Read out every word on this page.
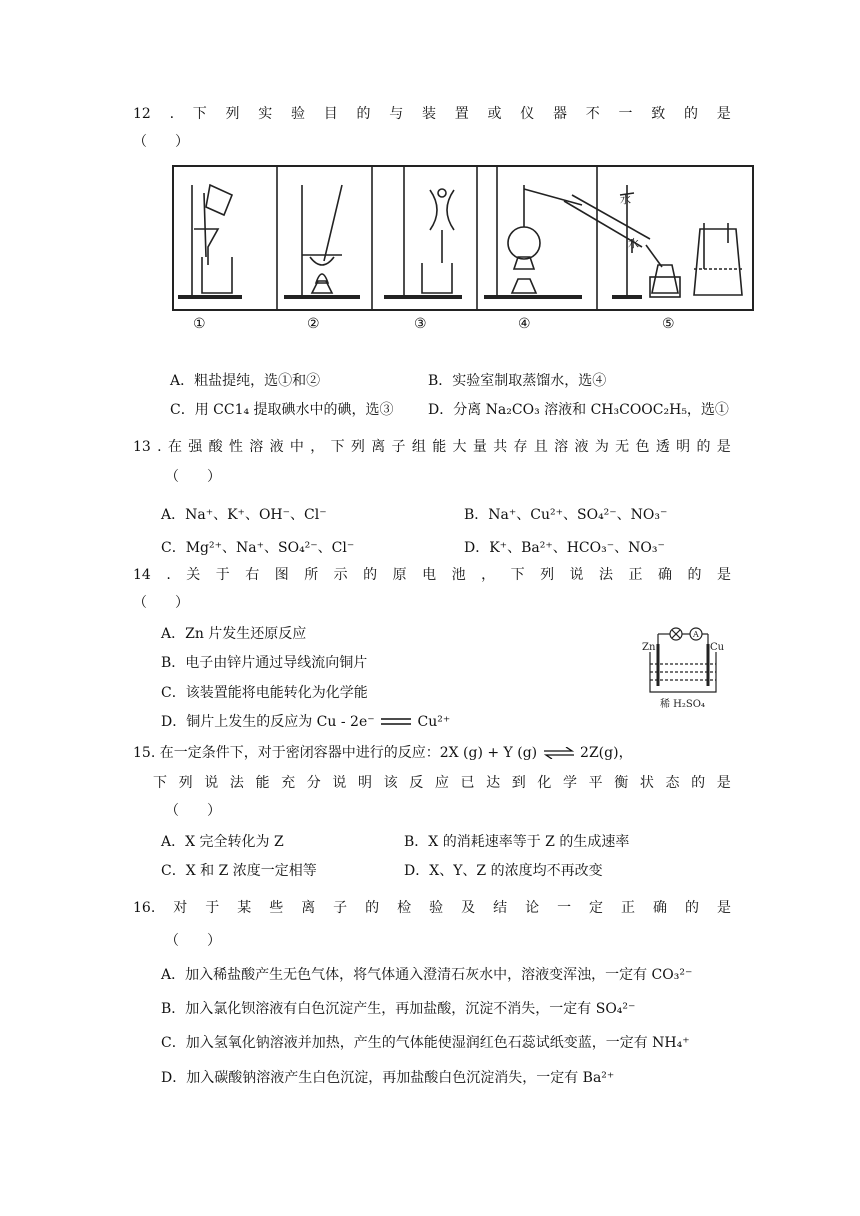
12 . 下 列 实 验 目 的 与 装 置 或 仪 器 不 一 致 的 是
（　　）
水
水
①	②	③	④	⑤
A．粗盐提纯，选①和②	B．实验室制取蒸馏水，选④
C．用 CC1₄ 提取碘水中的碘，选③ D．分离 Na₂CO₃ 溶液和 CH₃COOC₂H₅，选①
13 . 在 强 酸 性 溶 液 中 ， 下 列 离 子 组 能 大 量 共 存 且 溶 液 为 无 色 透 明 的 是
（　　）
A．Na⁺、K⁺、OH⁻、Cl⁻	B．Na⁺、Cu²⁺、SO₄²⁻、NO₃⁻
C．Mg²⁺、Na⁺、SO₄²⁻、Cl⁻	D．K⁺、Ba²⁺、HCO₃⁻、NO₃⁻
14 . 关 于 右 图 所 示 的 原 电 池 ， 下 列 说 法 正 确 的 是
（　　）
A．Zn 片发生还原反应
B．电子由锌片通过导线流向铜片
C．该装置能将电能转化为化学能
D．铜片上发生的反应为 Cu - 2e⁻	Cu²⁺
A
Zn	Cu
稀 H₂SO₄
15. 在一定条件下，对于密闭容器中进行的反应：2X (g) + Y (g) ⇌ 2Z(g)，
下 列 说 法 能 充 分 说 明 该 反 应 已 达 到 化 学 平 衡 状 态 的 是
（　　）
A．X 完全转化为 Z	B．X 的消耗速率等于 Z 的生成速率
C．X 和 Z 浓度一定相等	D．X、Y、Z 的浓度均不再改变
16. 对 于 某 些 离 子 的 检 验 及 结 论 一 定 正 确 的 是
（　　）
A．加入稀盐酸产生无色气体，将气体通入澄清石灰水中，溶液变浑浊，一定有 CO₃²⁻
B．加入氯化钡溶液有白色沉淀产生，再加盐酸，沉淀不消失，一定有 SO₄²⁻
C．加入氢氧化钠溶液并加热，产生的气体能使湿润红色石蕊试纸变蓝，一定有 NH₄⁺
D．加入碳酸钠溶液产生白色沉淀，再加盐酸白色沉淀消失，一定有 Ba²⁺
